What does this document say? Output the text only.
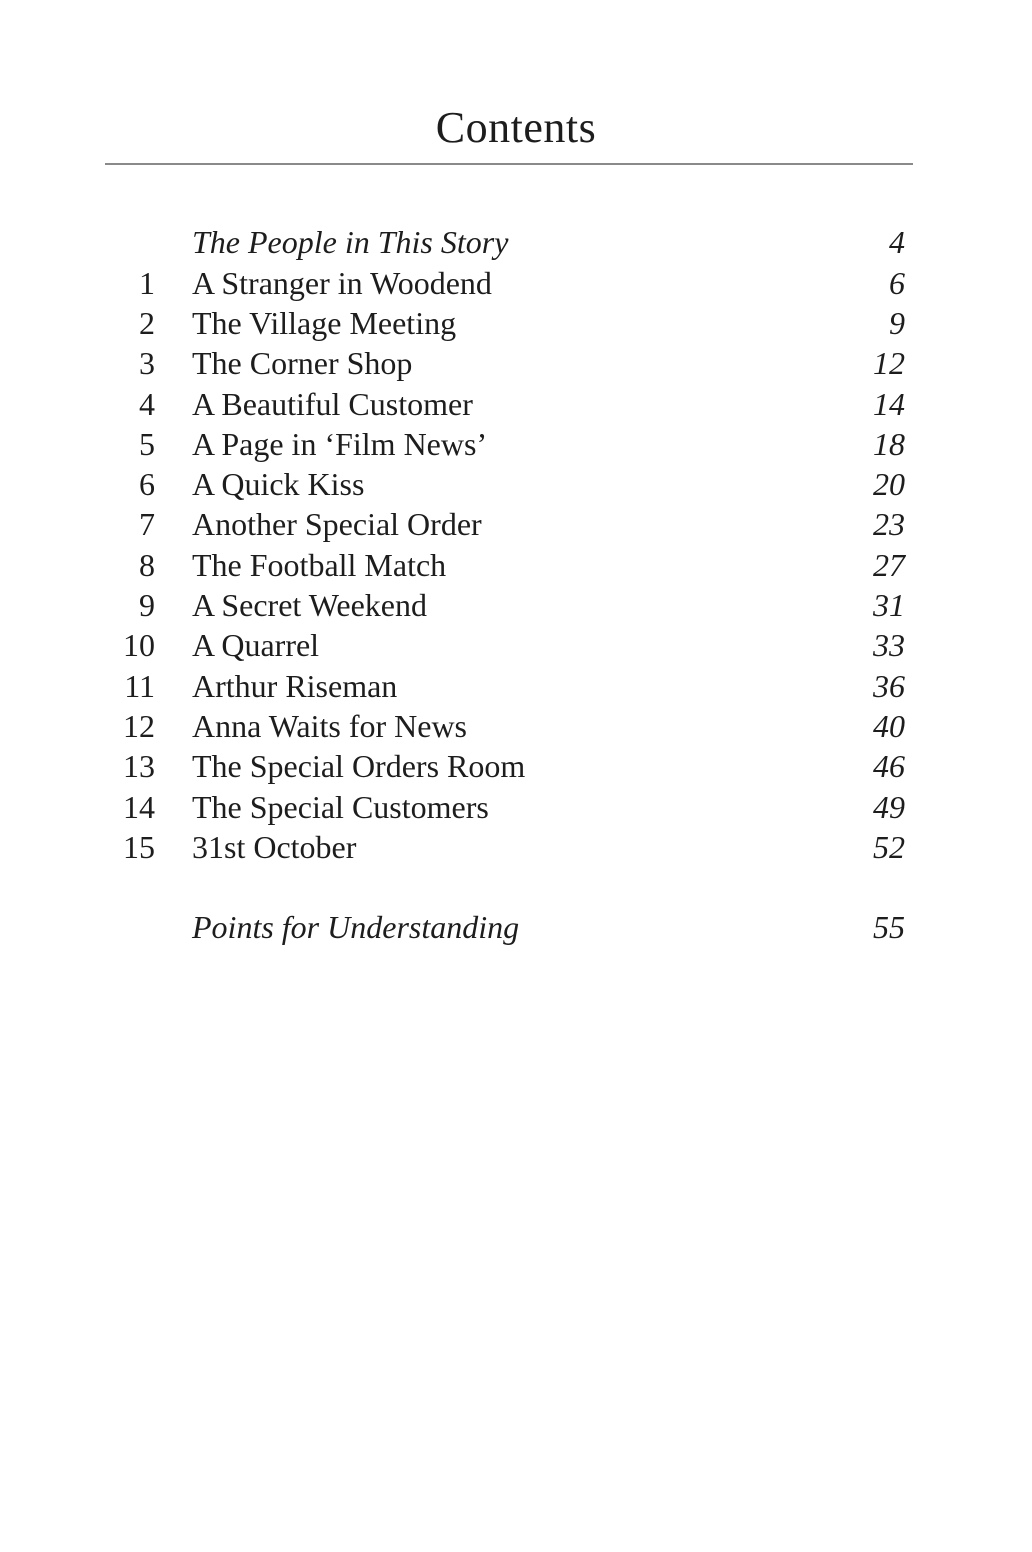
Contents
The People in This Story	4
1	A Stranger in Woodend	6
2	The Village Meeting	9
3	The Corner Shop	12
4	A Beautiful Customer	14
5	A Page in ‘Film News’	18
6	A Quick Kiss	20
7	Another Special Order	23
8	The Football Match	27
9	A Secret Weekend	31
10	A Quarrel	33
11	Arthur Riseman	36
12	Anna Waits for News	40
13	The Special Orders Room	46
14	The Special Customers	49
15	31st October	52
Points for Understanding	55
